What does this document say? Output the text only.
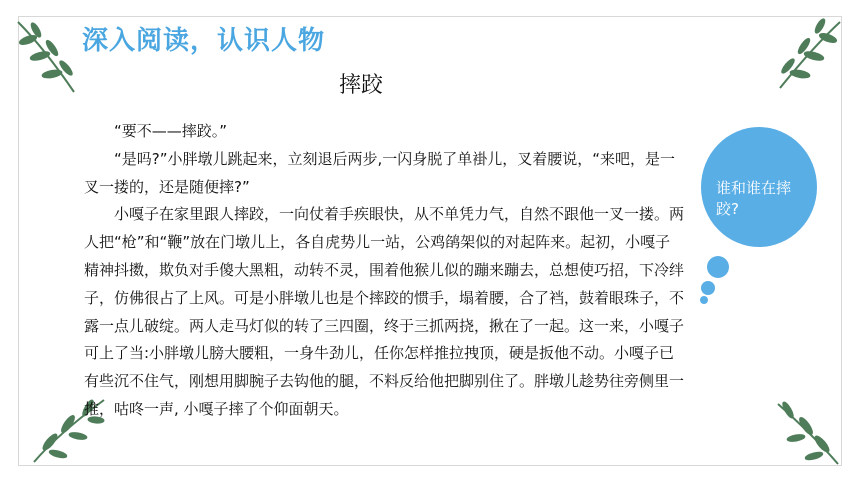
深入阅读，认识人物
摔跤

“要不——摔跤。”

“是吗?”小胖墩儿跳起来，立刻退后两步,一闪身脱了单褂儿，叉着腰说，“来吧，是一叉一搂的，还是随便摔?”

小嘎子在家里跟人摔跤，一向仗着手疾眼快，从不单凭力气，自然不跟他一叉一搂。两人把“枪”和“鞭”放在门墩儿上，各自虎势儿一站，公鸡鹐架似的对起阵来。起初，小嘎子精神抖擞，欺负对手傻大黑粗，动转不灵，围着他猴儿似的蹦来蹦去，总想使巧招，下冷绊子，仿佛很占了上风。可是小胖墩儿也是个摔跤的惯手，塌着腰，合了裆，鼓着眼珠子，不露一点儿破绽。两人走马灯似的转了三四圈，终于三抓两挠，揪在了一起。这一来，小嘎子可上了当:小胖墩儿膀大腰粗，一身牛劲儿，任你怎样推拉拽顶，硬是扳他不动。小嘎子已有些沉不住气，刚想用脚腕子去钩他的腿，不料反给他把脚别住了。胖墩儿趁势往旁侧里一推，咕咚一声, 小嘎子摔了个仰面朝天。

谁和谁在摔跤?
